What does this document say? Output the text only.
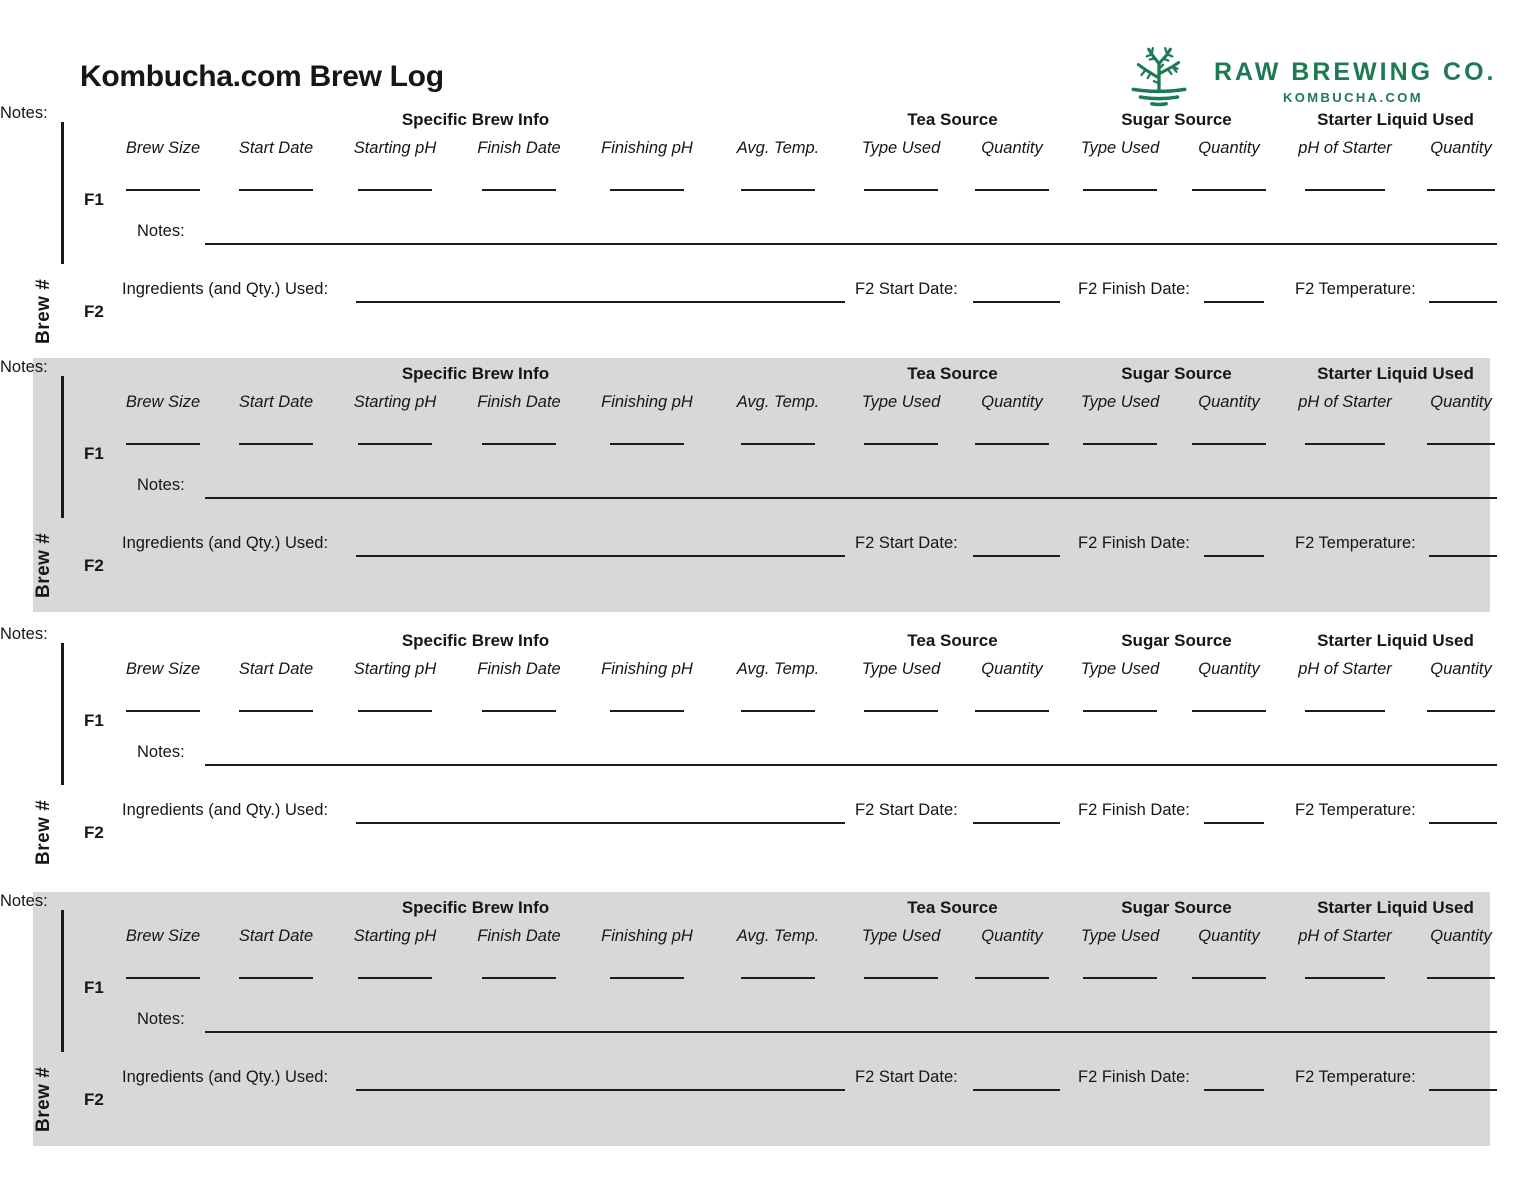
Kombucha.com Brew Log	RAW BREWING CO.
KOMBUCHA.COM
Brew #
Specific Brew Info	Tea Source	Sugar Source	Starter Liquid Used
Brew Size	Start Date	Starting pH	Finish Date	Finishing pH	Avg. Temp.	Type Used	Quantity	Type Used	Quantity	pH of Starter	Quantity
F1
Notes:
Ingredients (and Qty.) Used:	F2 Start Date:	F2 Finish Date:	F2 Temperature:
F2
Notes:
Brew #
Specific Brew Info	Tea Source	Sugar Source	Starter Liquid Used
Brew Size	Start Date	Starting pH	Finish Date	Finishing pH	Avg. Temp.	Type Used	Quantity	Type Used	Quantity	pH of Starter	Quantity
F1
Notes:
Ingredients (and Qty.) Used:	F2 Start Date:	F2 Finish Date:	F2 Temperature:
F2
Notes:
Brew #
Specific Brew Info	Tea Source	Sugar Source	Starter Liquid Used
Brew Size	Start Date	Starting pH	Finish Date	Finishing pH	Avg. Temp.	Type Used	Quantity	Type Used	Quantity	pH of Starter	Quantity
F1
Notes:
Ingredients (and Qty.) Used:	F2 Start Date:	F2 Finish Date:	F2 Temperature:
F2
Notes:
Brew #
Specific Brew Info	Tea Source	Sugar Source	Starter Liquid Used
Brew Size	Start Date	Starting pH	Finish Date	Finishing pH	Avg. Temp.	Type Used	Quantity	Type Used	Quantity	pH of Starter	Quantity
F1
Notes:
Ingredients (and Qty.) Used:	F2 Start Date:	F2 Finish Date:	F2 Temperature:
F2
Notes:
